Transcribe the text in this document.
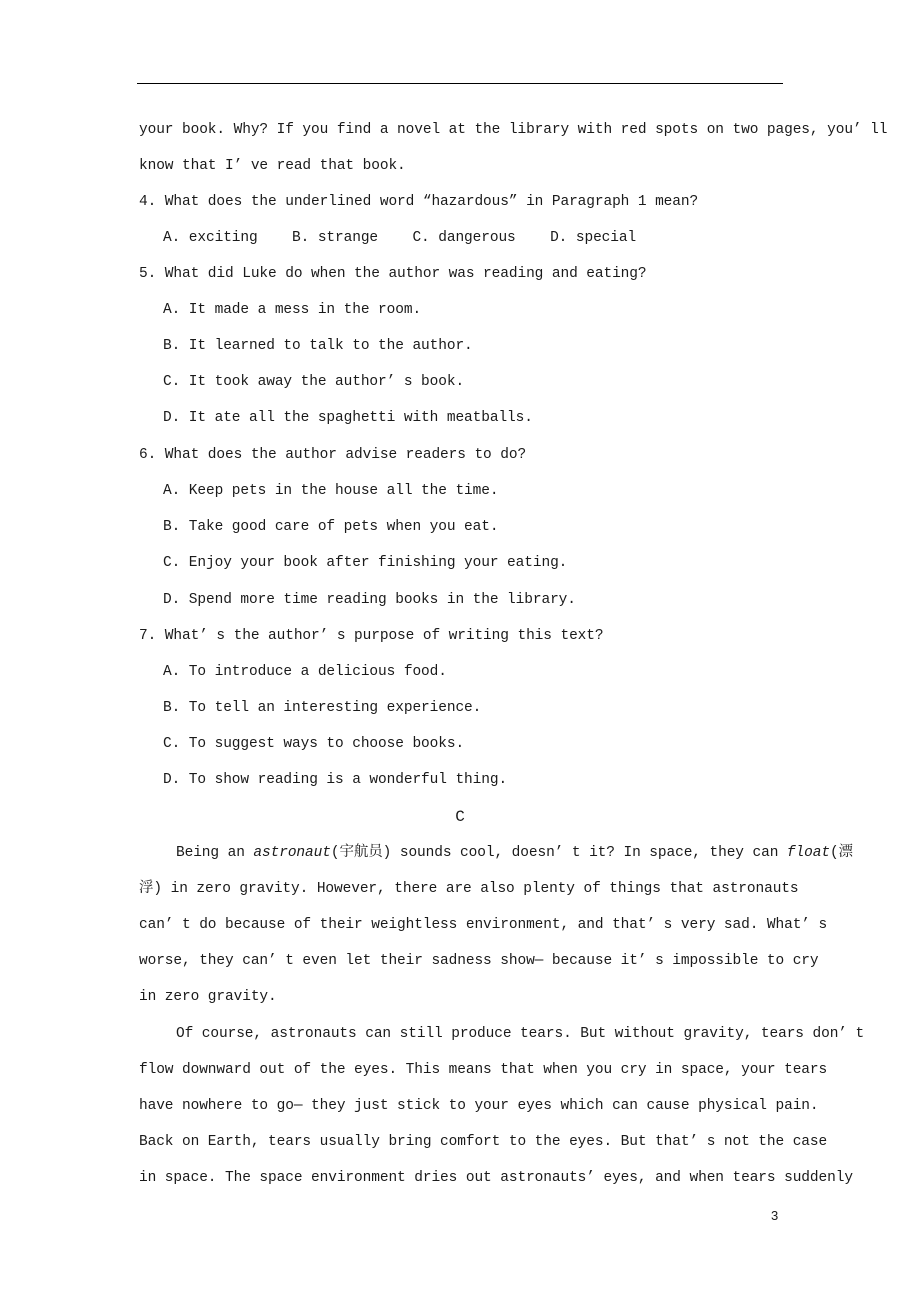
your book. Why? If you find a novel at the library with red spots on two pages, you’ ll
know that I’ ve read that book.
4. What does the underlined word “hazardous” in Paragraph 1 mean?
A. exciting    B. strange    C. dangerous    D. special
5. What did Luke do when the author was reading and eating?
A. It made a mess in the room.
B. It learned to talk to the author.
C. It took away the author’ s book.
D. It ate all the spaghetti with meatballs.
6. What does the author advise readers to do?
A. Keep pets in the house all the time.
B. Take good care of pets when you eat.
C. Enjoy your book after finishing your eating.
D. Spend more time reading books in the library.
7. What’ s the author’ s purpose of writing this text?
A. To introduce a delicious food.
B. To tell an interesting experience.
C. To suggest ways to choose books.
D. To show reading is a wonderful thing.
C
Being an astronaut(宇航员) sounds cool, doesn’ t it? In space, they can float(漂
浮) in zero gravity. However, there are also plenty of things that astronauts
can’ t do because of their weightless environment, and that’ s very sad. What’ s
worse, they can’ t even let their sadness show— because it’ s impossible to cry
in zero gravity.
Of course, astronauts can still produce tears. But without gravity, tears don’ t
flow downward out of the eyes. This means that when you cry in space, your tears
have nowhere to go— they just stick to your eyes which can cause physical pain.
Back on Earth, tears usually bring comfort to the eyes. But that’ s not the case
in space. The space environment dries out astronauts’ eyes, and when tears suddenly
3
